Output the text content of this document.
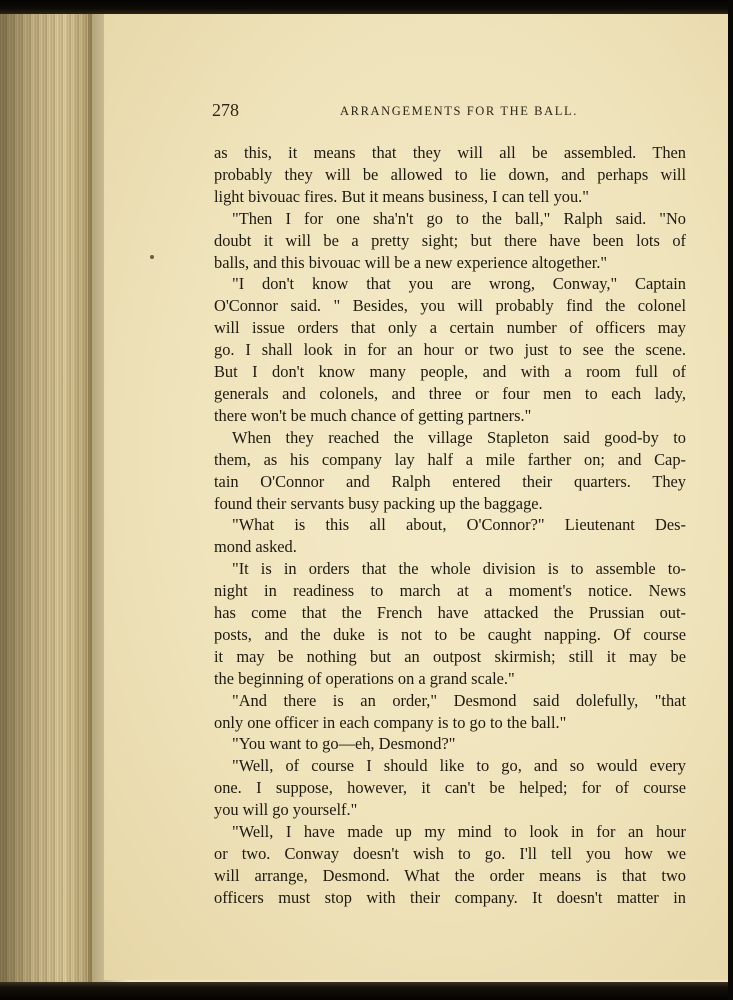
278	ARRANGEMENTS FOR THE BALL.
as this, it means that they will all be assembled. Then
probably they will be allowed to lie down, and perhaps will
light bivouac fires. But it means business, I can tell you."
"Then I for one sha'n't go to the ball," Ralph said. "No
doubt it will be a pretty sight; but there have been lots of
balls, and this bivouac will be a new experience altogether."
"I don't know that you are wrong, Conway," Captain
O'Connor said. " Besides, you will probably find the colonel
will issue orders that only a certain number of officers may
go. I shall look in for an hour or two just to see the scene.
But I don't know many people, and with a room full of
generals and colonels, and three or four men to each lady,
there won't be much chance of getting partners."
When they reached the village Stapleton said good-by to
them, as his company lay half a mile farther on; and Cap-
tain O'Connor and Ralph entered their quarters. They
found their servants busy packing up the baggage.
"What is this all about, O'Connor?" Lieutenant Des-
mond asked.
"It is in orders that the whole division is to assemble to-
night in readiness to march at a moment's notice. News
has come that the French have attacked the Prussian out-
posts, and the duke is not to be caught napping. Of course
it may be nothing but an outpost skirmish; still it may be
the beginning of operations on a grand scale."
"And there is an order," Desmond said dolefully, "that
only one officer in each company is to go to the ball."
"You want to go—eh, Desmond?"
"Well, of course I should like to go, and so would every
one. I suppose, however, it can't be helped; for of course
you will go yourself."
"Well, I have made up my mind to look in for an hour
or two. Conway doesn't wish to go. I'll tell you how we
will arrange, Desmond. What the order means is that two
officers must stop with their company. It doesn't matter in
